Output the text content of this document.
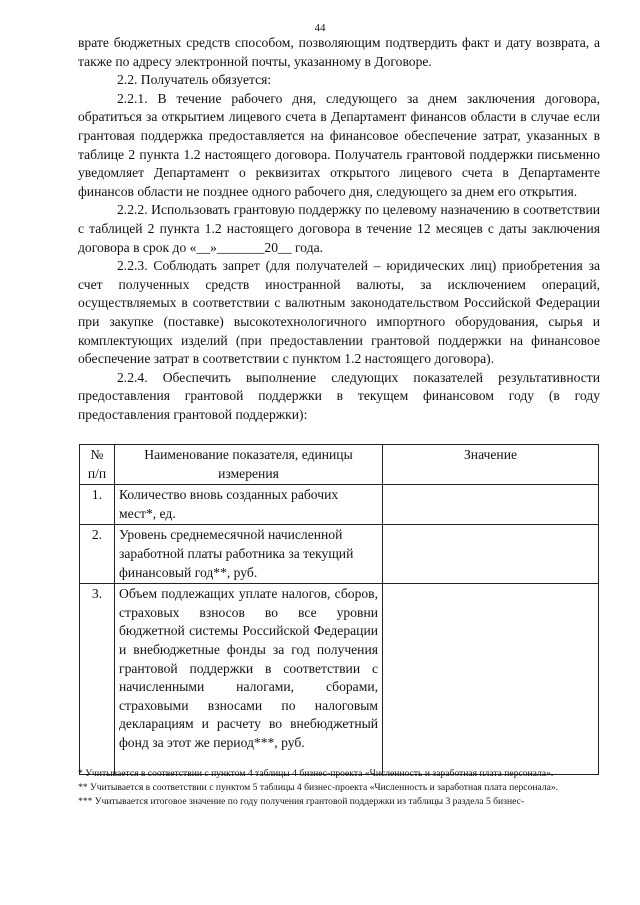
44

врате бюджетных средств способом, позволяющим подтвердить факт и дату возврата, а также по адресу электронной почты, указанному в Договоре.

2.2. Получатель обязуется:

2.2.1. В течение рабочего дня, следующего за днем заключения договора, обратиться за открытием лицевого счета в Департамент финансов области в случае если грантовая поддержка предоставляется на финансовое обеспечение затрат, указанных в таблице 2 пункта 1.2 настоящего договора. Получатель грантовой поддержки письменно уведомляет Департамент о реквизитах открытого лицевого счета в Департаменте финансов области не позднее одного рабочего дня, следующего за днем его открытия.

2.2.2. Использовать грантовую поддержку по целевому назначению в соответствии с таблицей 2 пункта 1.2 настоящего договора в течение 12 месяцев с даты заключения договора в срок до «__»_______20__ года.

2.2.3. Соблюдать запрет (для получателей – юридических лиц) приобретения за счет полученных средств иностранной валюты, за исключением операций, осуществляемых в соответствии с валютным законодательством Российской Федерации при закупке (поставке) высокотехнологичного импортного оборудования, сырья и комплектующих изделий (при предоставлении грантовой поддержки на финансовое обеспечение затрат в соответствии с пунктом 1.2 настоящего договора).

2.2.4. Обеспечить выполнение следующих показателей результативности предоставления грантовой поддержки в текущем финансовом году (в году предоставления грантовой поддержки):

№ п/п	Наименование показателя, единицы измерения	Значение
1.	Количество вновь созданных рабочих мест*, ед.	
2.	Уровень среднемесячной начисленной заработной платы работника за текущий финансовый год**, руб.	
3.	Объем подлежащих уплате налогов, сборов, страховых взносов во все уровни бюджетной системы Российской Федерации и внебюджетные фонды за год получения грантовой поддержки в соответствии с начисленными налогами, сборами, страховыми взносами по налоговым декларациям и расчету во внебюджетный фонд за этот же период***, руб.	

* Учитывается в соответствии с пунктом 4 таблицы 4 бизнес-проекта «Численность и заработная плата персонала».

** Учитывается в соответствии с пунктом 5 таблицы 4 бизнес-проекта «Численность и заработная плата персонала».

*** Учитывается итоговое значение по году получения грантовой поддержки из таблицы 3 раздела 5 бизнес-
